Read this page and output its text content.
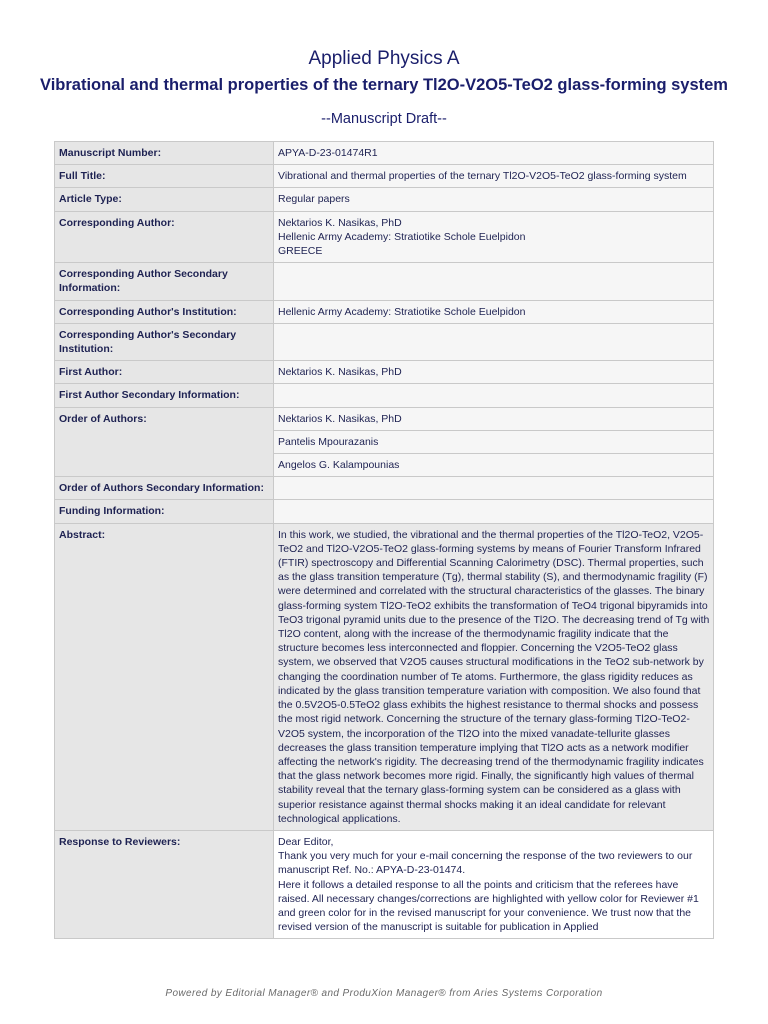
Applied Physics A
Vibrational and thermal properties of the ternary Tl2O-V2O5-TeO2 glass-forming system
--Manuscript Draft--
Manuscript Number:	APYA-D-23-01474R1
Full Title:	Vibrational and thermal properties of the ternary Tl2O-V2O5-TeO2 glass-forming system
Article Type:	Regular papers
Corresponding Author:	Nektarios K. Nasikas, PhD
Hellenic Army Academy: Stratiotike Schole Euelpidon
GREECE

Corresponding Author Secondary Information:	
Corresponding Author's Institution:	Hellenic Army Academy: Stratiotike Schole Euelpidon
Corresponding Author's Secondary Institution:	
First Author:	Nektarios K. Nasikas, PhD
First Author Secondary Information:	
Order of Authors:	Nektarios K. Nasikas, PhD
	Pantelis Mpourazanis
	Angelos G. Kalampounias
Order of Authors Secondary Information:	
Funding Information:	
Abstract:	In this work, we studied, the vibrational and the thermal properties of the Tl2O-TeO2, V2O5-TeO2 and Tl2O-V2O5-TeO2 glass-forming systems by means of Fourier Transform Infrared (FTIR) spectroscopy and Differential Scanning Calorimetry (DSC). Thermal properties, such as the glass transition temperature (Tg), thermal stability (S), and thermodynamic fragility (F) were determined and correlated with the structural characteristics of the glasses. The binary glass-forming system Tl2O-TeO2 exhibits the transformation of TeO4 trigonal bipyramids into TeO3 trigonal pyramid units due to the presence of the Tl2O. The decreasing trend of Tg with Tl2O content, along with the increase of the thermodynamic fragility indicate that the structure becomes less interconnected and floppier. Concerning the V2O5-TeO2 glass system, we observed that V2O5 causes structural modifications in the TeO2 sub-network by changing the coordination number of Te atoms. Furthermore, the glass rigidity reduces as indicated by the glass transition temperature variation with composition. We also found that the 0.5V2O5-0.5TeO2 glass exhibits the highest resistance to thermal shocks and possess the most rigid network. Concerning the structure of the ternary glass-forming Tl2O-TeO2-V2O5 system, the incorporation of the Tl2O into the mixed vanadate-tellurite glasses decreases the glass transition temperature implying that Tl2O acts as a network modifier affecting the network's rigidity. The decreasing trend of the thermodynamic fragility indicates that the glass network becomes more rigid. Finally, the significantly high values of thermal stability reveal that the ternary glass-forming system can be considered as a glass with superior resistance against thermal shocks making it an ideal candidate for relevant technological applications.
Response to Reviewers:	Dear Editor,
Thank you very much for your e-mail concerning the response of the two reviewers to our manuscript Ref. No.: APYA-D-23-01474.
Here it follows a detailed response to all the points and criticism that the referees have raised. All necessary changes/corrections are highlighted with yellow color for Reviewer #1 and green color for in the revised manuscript for your convenience. We trust now that the revised version of the manuscript is suitable for publication in Applied
Powered by Editorial Manager® and ProduXion Manager® from Aries Systems Corporation
